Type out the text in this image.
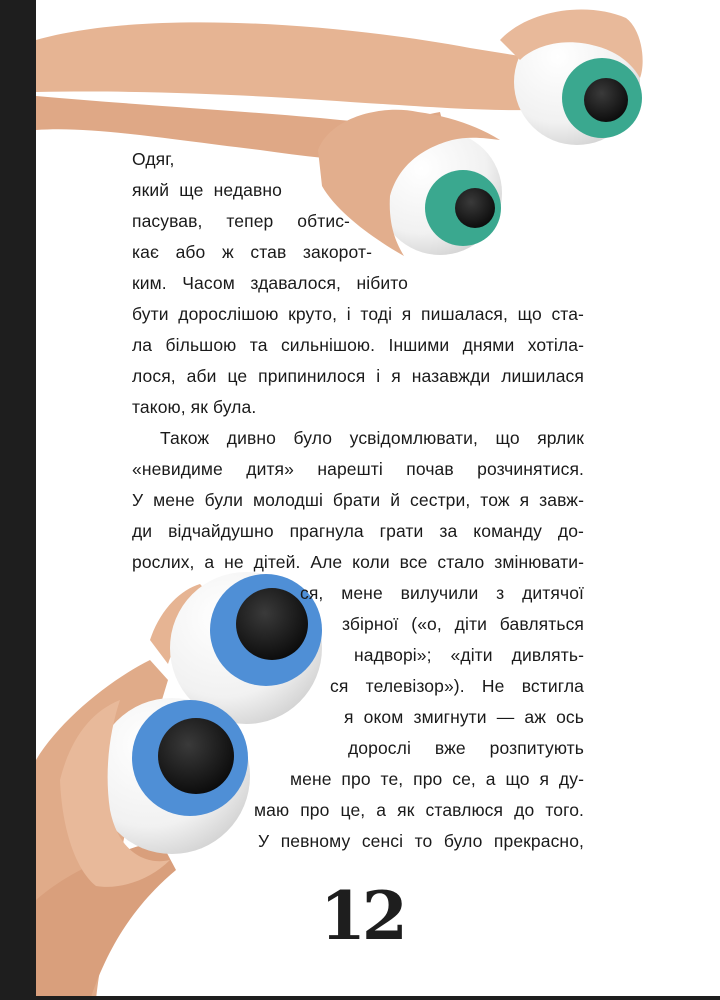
Одяг,
який ще недавно
пасував, тепер обтис-
кає або ж став закорот-
ким. Часом здавалося, нібито
бути дорослішою круто, і тоді я пишалася, що ста-
ла більшою та сильнішою. Іншими днями хотіла-
лося, аби це припинилося і я назавжди лишилася
такою, як була.
Також дивно було усвідомлювати, що ярлик
«невидиме дитя» нарешті почав розчинятися.
У мене були молодші брати й сестри, тож я завж-
ди відчайдушно прагнула грати за команду до-
рослих, а не дітей. Але коли все стало змінювати-
ся, мене вилучили з дитячої
збірної («о, діти бавляться
надворі»; «діти дивлять-
ся телевізор»). Не встигла
я оком змигнути — аж ось
дорослі вже розпитують
мене про те, про се, а що я ду-
маю про це, а як ставлюся до того.
У певному сенсі то було прекрасно,
12
